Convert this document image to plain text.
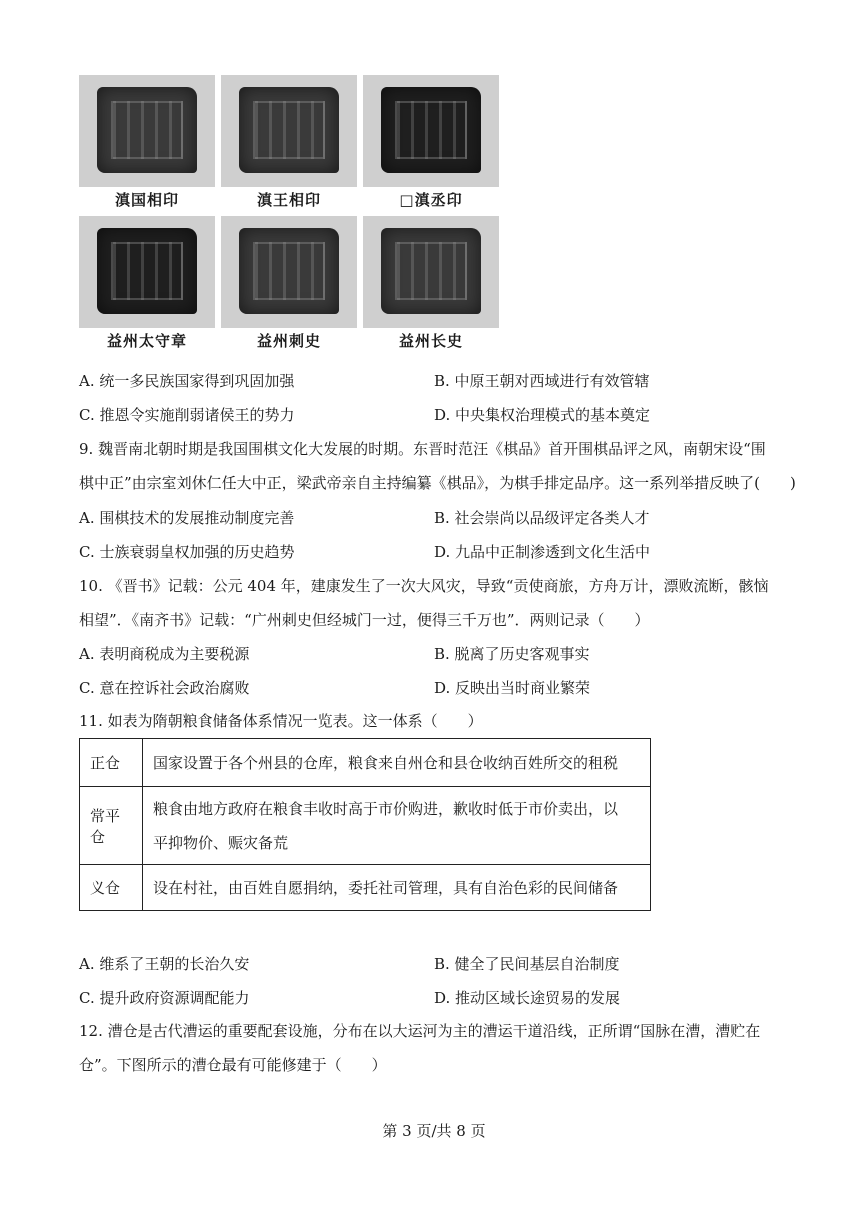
滇国相印	滇王相印	□滇丞印
益州太守章	益州刺史	益州长史
A. 统一多民族国家得到巩固加强	B. 中原王朝对西域进行有效管辖
C. 推恩令实施削弱诸侯王的势力	D. 中央集权治理模式的基本奠定
9. 魏晋南北朝时期是我国围棋文化大发展的时期。东晋时范汪《棋品》首开围棋品评之风，南朝宋设“围
棋中正”由宗室刘休仁任大中正，梁武帝亲自主持编纂《棋品》，为棋手排定品序。这一系列举措反映了(　　)
A. 围棋技术的发展推动制度完善	B. 社会崇尚以品级评定各类人才
C. 士族衰弱皇权加强的历史趋势	D. 九品中正制渗透到文化生活中
10. 《晋书》记载：公元 404 年，建康发生了一次大风灾，导致“贡使商旅，方舟万计，漂败流断，骸恼
相望”．《南齐书》记载：“广州刺史但经城门一过，便得三千万也”．两则记录（　　）
A. 表明商税成为主要税源	B. 脱离了历史客观事实
C. 意在控诉社会政治腐败	D. 反映出当时商业繁荣
11. 如表为隋朝粮食储备体系情况一览表。这一体系（　　）
正仓	国家设置于各个州县的仓库，粮食来自州仓和县仓收纳百姓所交的租税
常平仓	粮食由地方政府在粮食丰收时高于市价购进，歉收时低于市价卖出，以
平抑物价、赈灾备荒

义仓	设在村社，由百姓自愿捐纳，委托社司管理，具有自治色彩的民间储备
A. 维系了王朝的长治久安	B. 健全了民间基层自治制度
C. 提升政府资源调配能力	D. 推动区域长途贸易的发展
12. 漕仓是古代漕运的重要配套设施，分布在以大运河为主的漕运干道沿线，正所谓“国脉在漕，漕贮在
仓”。下图所示的漕仓最有可能修建于（　　）
第 3 页/共 8 页
